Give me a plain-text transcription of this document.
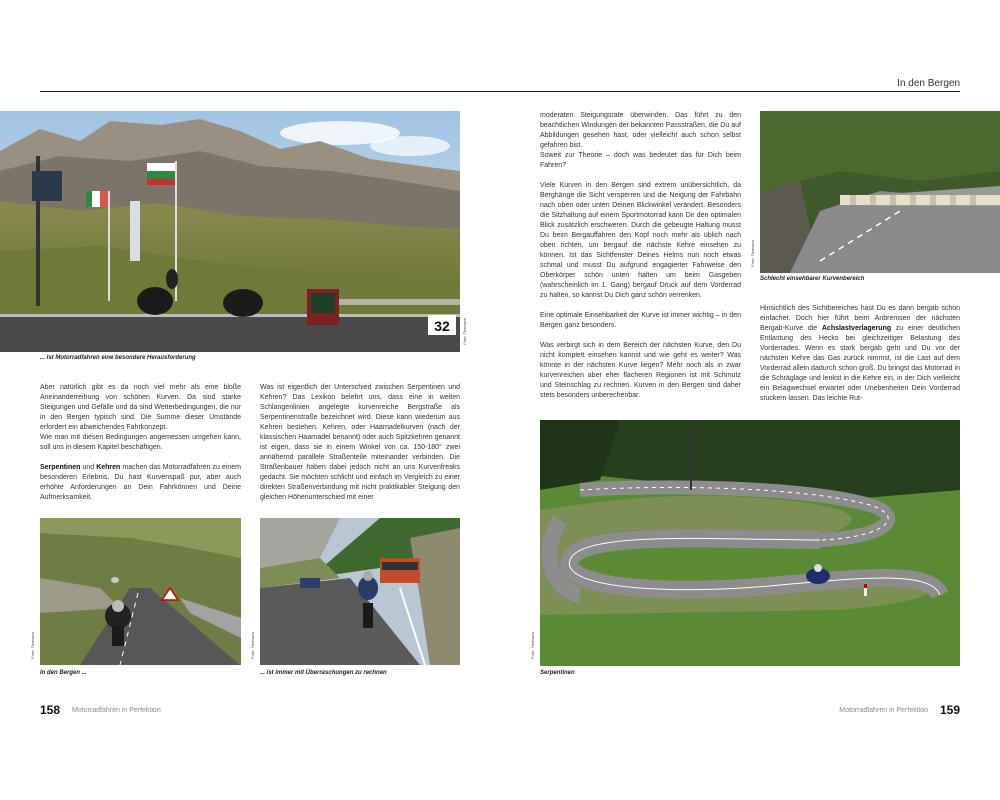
In den Bergen
32	Foto: Thomsen
... ist Motorradfahren eine besondere Herausforderung

Aber natürlich gibt es da noch viel mehr als eine bloße Aneinanderreihung von schönen Kurven. Da sind starke Steigungen und Gefälle und da sind Wetterbedingungen, die nur in den Bergen typisch sind. Die Summe dieser Umstände erfordert ein abweichendes Fahrkonzept.

Wie man mit diesen Bedingungen angemessen umgehen kann, soll uns in diesem Kapitel beschäftigen.

Serpentinen und Kehren machen das Motorradfahren zu einem besonderen Erlebnis. Du hast Kurvenspaß pur, aber auch erhöhte Anforderungen an Dein Fahrkönnen und Deine Aufmerksamkeit.

Was ist eigentlich der Unterschied zwischen Serpentinen und Kehren? Das Lexikon belehrt uns, dass eine in weiten Schlangenlinien angelegte kurvenreiche Bergstraße als Serpentinenstraße bezeichnet wird. Diese kann wiederum aus Kehren bestehen. Kehren, oder Haarnadelkurven (nach der klassischen Haarnadel benannt) oder auch Spitzkehren genannt ist eigen, dass sie in einem Winkel von ca. 150-180° zwei annähernd parallele Straßenteile miteinander verbinden. Die Straßenbauer haben dabei jedoch nicht an uns Kurvenfreaks gedacht. Sie möchten schlicht und einfach im Vergleich zu einer direkten Straßenverbindung mit nicht praktikabler Steigung den gleichen Höhenunterschied mit einer

Foto: Thomsen
In den Bergen ...
Foto: Thomsen
... ist immer mit Überraschungen zu rechnen

moderaten Steigungsrate überwinden. Das führt zu den beachtlichen Windungen der bekannten Passstraßen, die Du auf Abbildungen gesehen hast, oder vielleicht auch schon selbst gefahren bist.

Soweit zur Theorie – doch was bedeutet das für Dich beim Fahren?

Viele Kurven in den Bergen sind extrem unübersichtlich, da Berghänge die Sicht versperren und die Neigung der Fahrbahn nach oben oder unten Deinen Blickwinkel verändert. Besonders die Sitzhaltung auf einem Sportmotorrad kann Dir den optimalen Blick zusätzlich erschweren. Durch die gebeugte Haltung musst Du beim Bergauffahren den Kopf noch mehr als üblich nach oben richten, um bergauf die nächste Kehre einsehen zu können. Ist das Sichtfenster Deines Helms nun noch etwas schmal und musst Du aufgrund engagierter Fahrweise den Oberkörper schön unten halten um beim Gasgeben (wahrscheinlich im 1. Gang) bergauf Druck auf dem Vorderrad zu halten, so kannst Du Dich ganz schön verrenken.

Eine optimale Einsehbarkeit der Kurve ist immer wichtig – in den Bergen ganz besonders.

Was verbirgt sich in dem Bereich der nächsten Kurve, den Du nicht komplett einsehen kannst und wie geht es weiter? Was könnte in der nächsten Kurve liegen? Mehr noch als in zwar kurvenreichen aber eher flacheren Regionen ist mit Schmutz und Steinschlag zu rechnen. Kurven in den Bergen sind daher stets besonders unberechenbar.

Foto: Thomsen
Schlecht einsehbarer Kurvenbereich

Hinsichtlich des Sichtbereiches hast Du es dann bergab schon einfacher. Doch hier führt beim Anbremsen der nächsten Bergab-Kurve die Achslastverlagerung zu einer deutlichen Entlastung des Hecks bei gleichzeitiger Belastung des Vorderrades. Wenn es stark bergab geht und Du vor der nächsten Kehre das Gas zurück nimmst, ist die Last auf dem Vorderrad allein dadurch schon groß. Du bringst das Motorrad in die Schräglage und lenkst in die Kehre ein, in der Dich vielleicht ein Belagwechsel erwartet oder Unebenheiten Dein Vorderrad stuckern lassen. Das leichte Rut-

Foto: Thomsen
Serpentinen
158 Motorradfahren in Perfektion	Motorradfahren in Perfektion 159
